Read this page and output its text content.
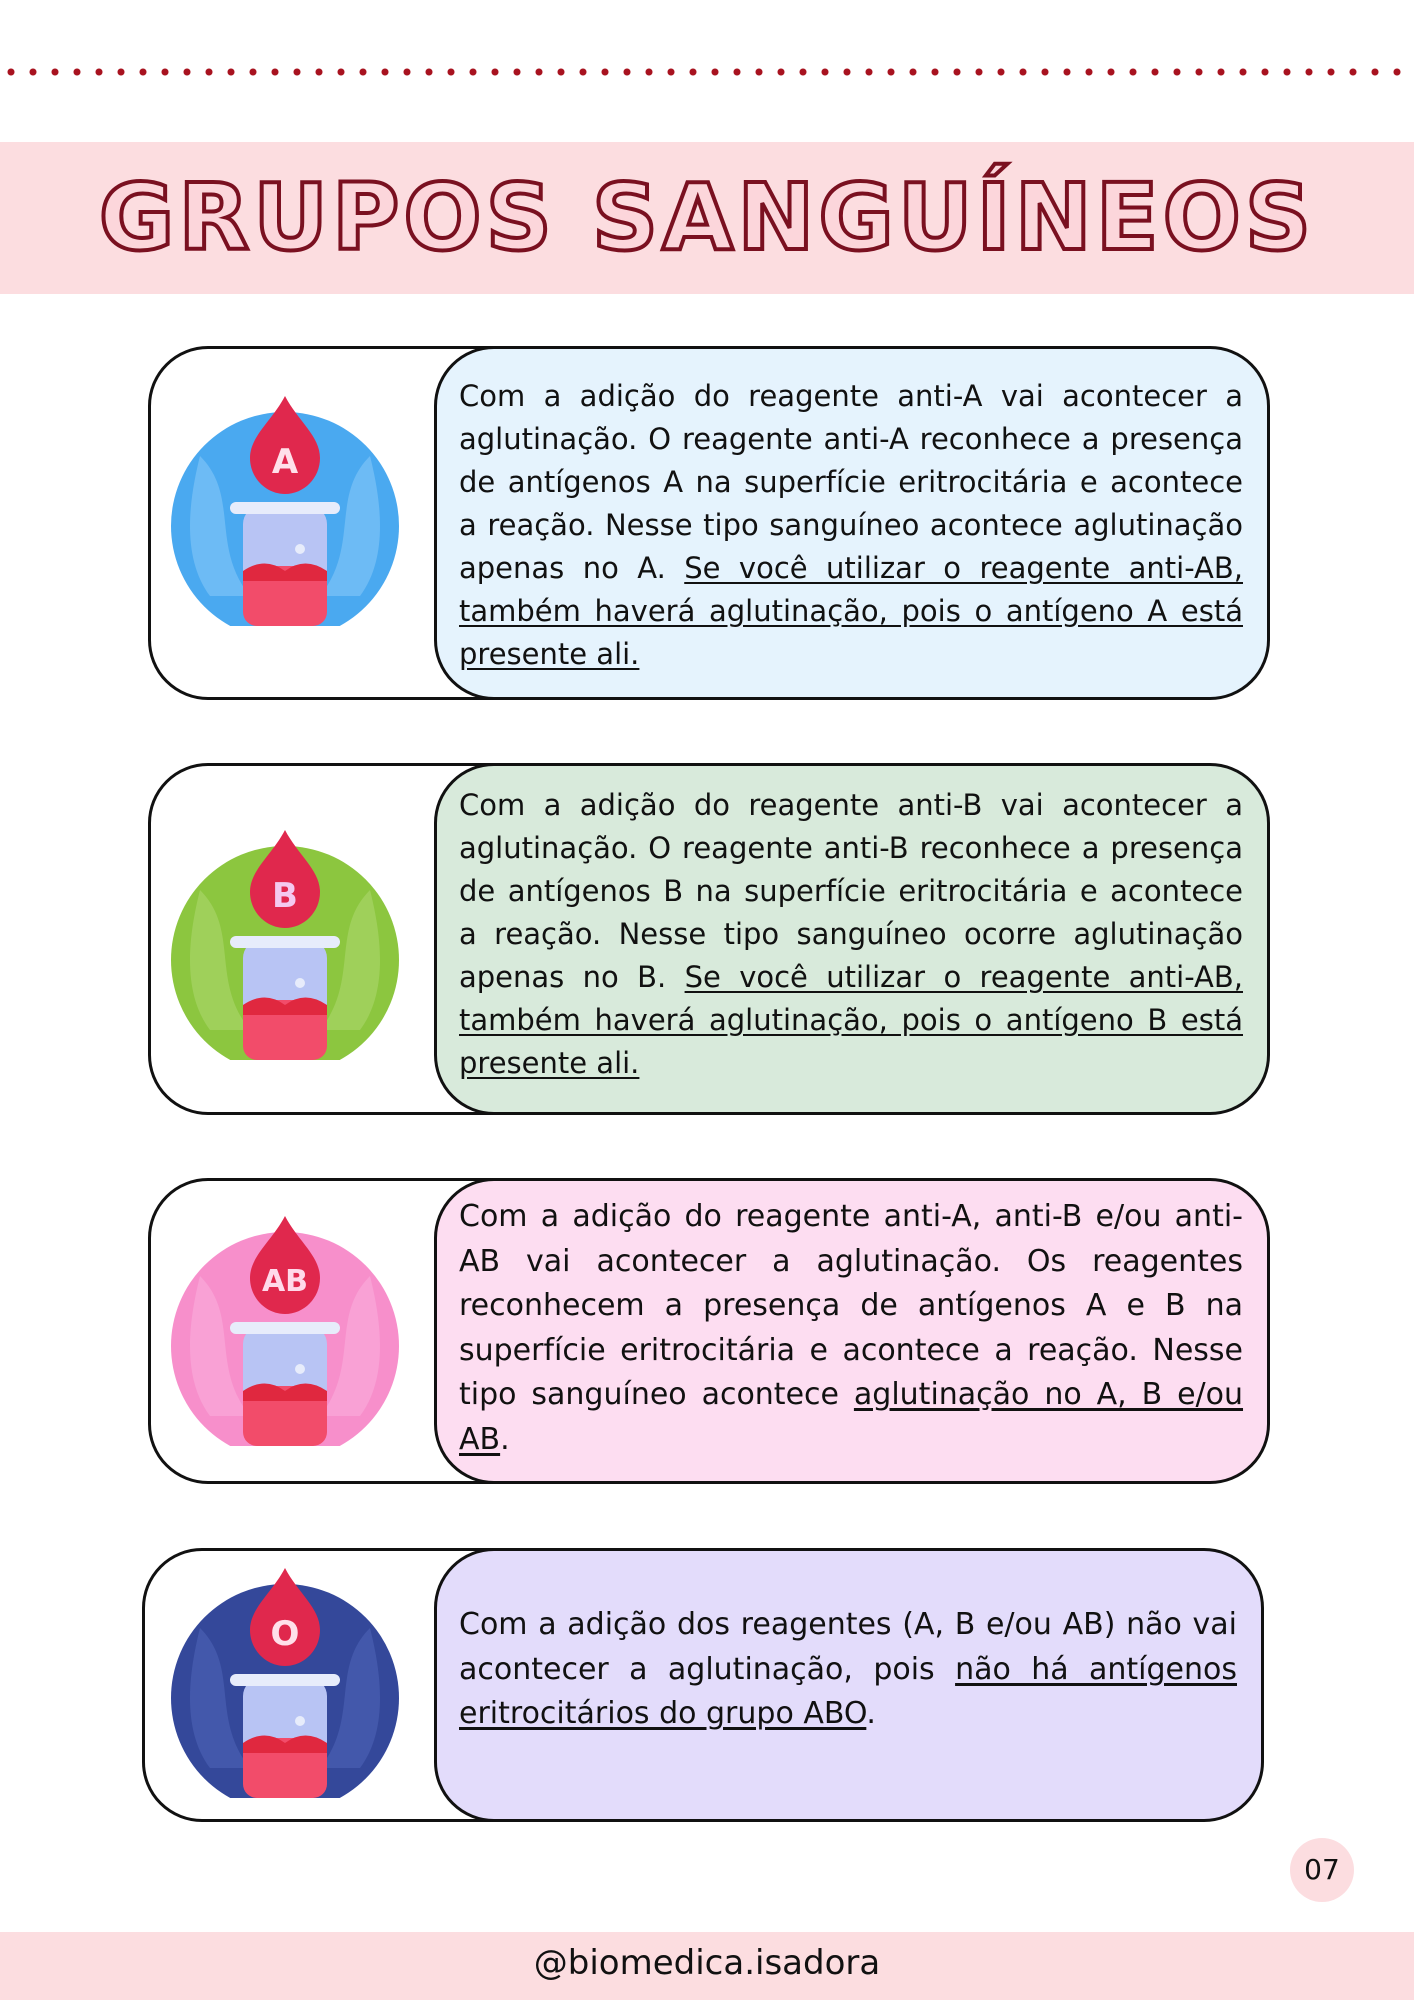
GRUPOS SANGUÍNEOS
Com a adição do reagente anti-A vai acontecer a aglutinação. O reagente anti-A reconhece a presença de antígenos A na superfície eritrocitária e acontece a reação. Nesse tipo sanguíneo acontece aglutinação apenas no A. Se você utilizar o reagente anti-AB, também haverá aglutinação, pois o antígeno A está presente ali.
A
Com a adição do reagente anti-B vai acontecer a aglutinação. O reagente anti-B reconhece a presença de antígenos B na superfície eritrocitária e acontece a reação. Nesse tipo sanguíneo ocorre aglutinação apenas no B. Se você utilizar o reagente anti-AB, também haverá aglutinação, pois o antígeno B está presente ali.
B
Com a adição do reagente anti-A, anti-B e/ou anti-AB vai acontecer a aglutinação. Os reagentes reconhecem a presença de antígenos A e B na superfície eritrocitária e acontece a reação. Nesse tipo sanguíneo acontece aglutinação no A, B e/ou AB.
AB
Com a adição dos reagentes (A, B e/ou AB) não vai acontecer a aglutinação, pois não há antígenos eritrocitários do grupo ABO.
O
07
@biomedica.isadora
